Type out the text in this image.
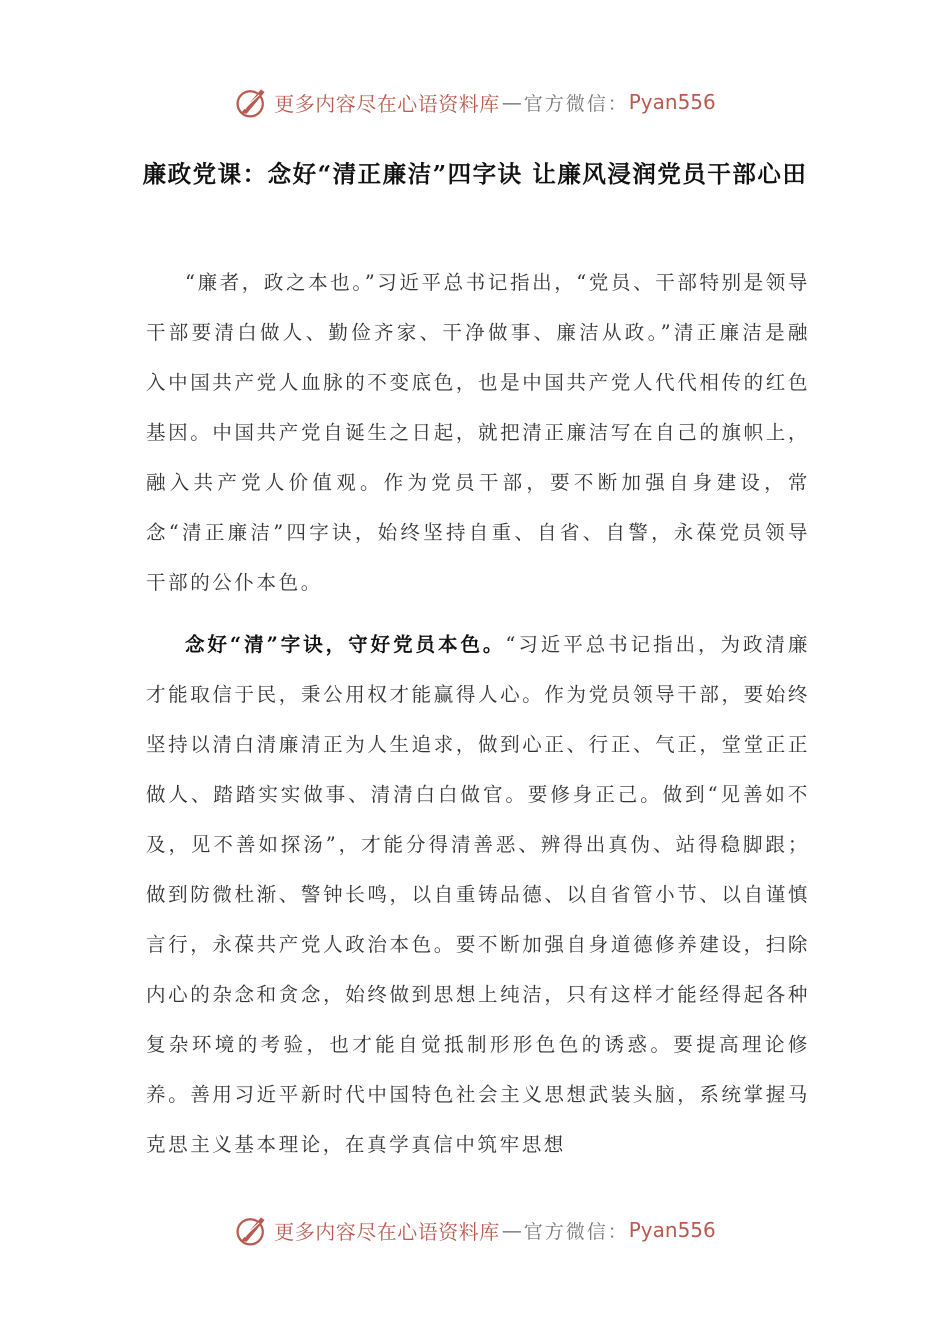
更多内容尽在心语资料库 — 官方微信： Pyan556
廉政党课：念好“清正廉洁”四字诀 让廉风浸润党员干部心田

“廉者，政之本也。”习近平总书记指出，“党员、干部特别是领导干部要清白做人、勤俭齐家、干净做事、廉洁从政。”清正廉洁是融入中国共产党人血脉的不变底色，也是中国共产党人代代相传的红色基因。中国共产党自诞生之日起，就把清正廉洁写在自己的旗帜上，融入共产党人价值观。作为党员干部，要不断加强自身建设，常念“清正廉洁”四字诀，始终坚持自重、自省、自警，永葆党员领导干部的公仆本色。

念好“清”字诀，守好党员本色。“习近平总书记指出，为政清廉才能取信于民，秉公用权才能赢得人心。作为党员领导干部，要始终坚持以清白清廉清正为人生追求，做到心正、行正、气正，堂堂正正做人、踏踏实实做事、清清白白做官。要修身正己。做到“见善如不及，见不善如探汤”，才能分得清善恶、辨得出真伪、站得稳脚跟；做到防微杜渐、警钟长鸣，以自重铸品德、以自省管小节、以自谨慎言行，永葆共产党人政治本色。要不断加强自身道德修养建设，扫除内心的杂念和贪念，始终做到思想上纯洁，只有这样才能经得起各种复杂环境的考验，也才能自觉抵制形形色色的诱惑。要提高理论修养。善用习近平新时代中国特色社会主义思想武装头脑，系统掌握马克思主义基本理论，在真学真信中筑牢思想

更多内容尽在心语资料库 — 官方微信： Pyan556
